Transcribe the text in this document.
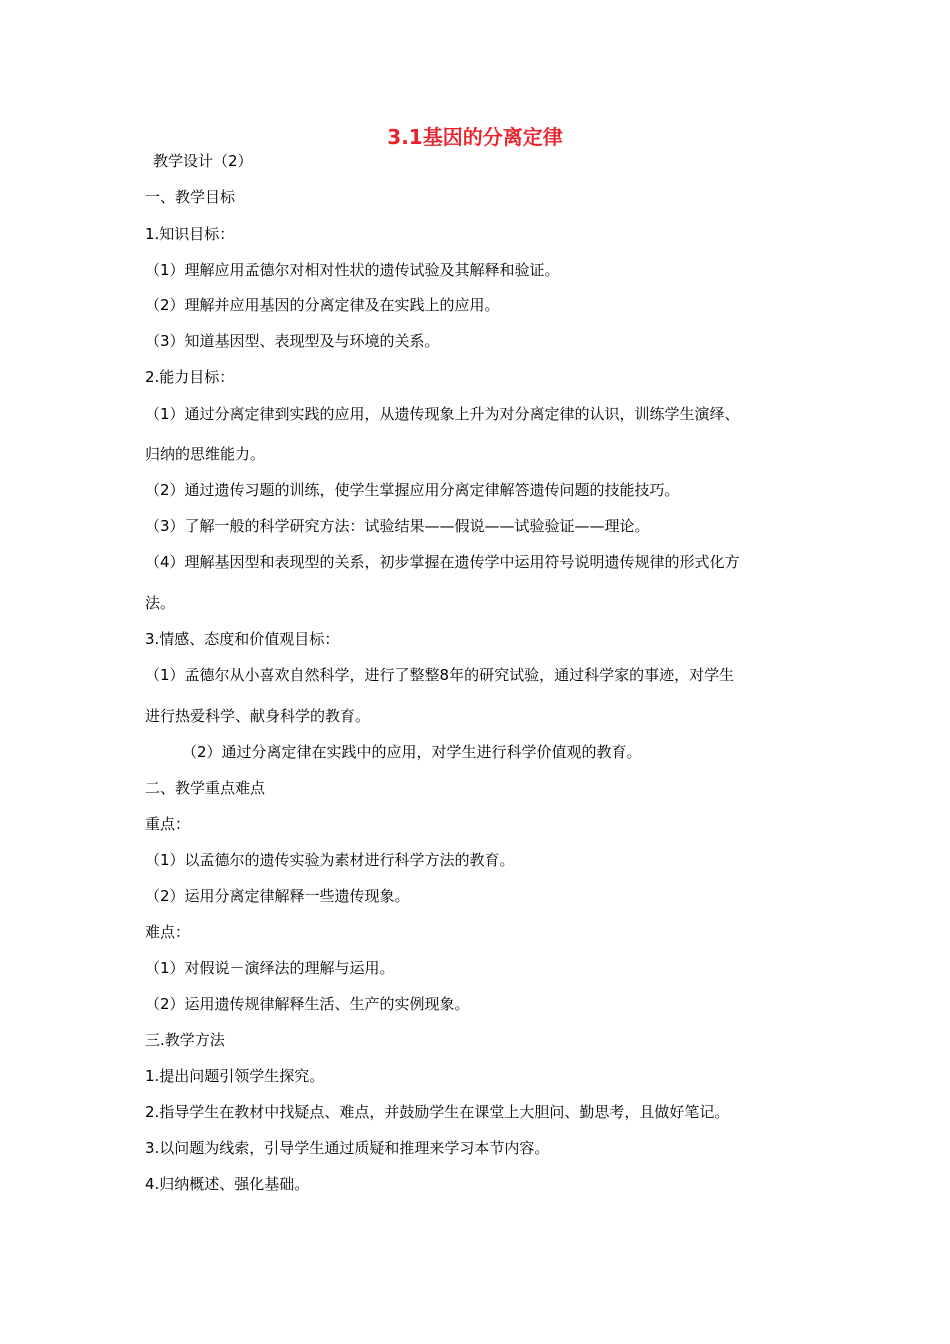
3.1基因的分离定律
教学设计（2）
一、教学目标
1.知识目标：
（1）理解应用孟德尔对相对性状的遗传试验及其解释和验证。
（2）理解并应用基因的分离定律及在实践上的应用。
（3）知道基因型、表现型及与环境的关系。
2.能力目标：
（1）通过分离定律到实践的应用，从遗传现象上升为对分离定律的认识，训练学生演绎、
归纳的思维能力。
（2）通过遗传习题的训练，使学生掌握应用分离定律解答遗传问题的技能技巧。
（3）了解一般的科学研究方法：试验结果——假说——试验验证——理论。
（4）理解基因型和表现型的关系，初步掌握在遗传学中运用符号说明遗传规律的形式化方
法。
3.情感、态度和价值观目标：
（1）孟德尔从小喜欢自然科学，进行了整整8年的研究试验，通过科学家的事迹，对学生
进行热爱科学、献身科学的教育。
（2）通过分离定律在实践中的应用，对学生进行科学价值观的教育。
二、教学重点难点
重点：
（1）以孟德尔的遗传实验为素材进行科学方法的教育。
（2）运用分离定律解释一些遗传现象。
难点：
（1）对假说－演绎法的理解与运用。
（2）运用遗传规律解释生活、生产的实例现象。
三.教学方法
1.提出问题引领学生探究。
2.指导学生在教材中找疑点、难点，并鼓励学生在课堂上大胆问、勤思考，且做好笔记。
3.以问题为线索，引导学生通过质疑和推理来学习本节内容。
4.归纳概述、强化基础。
